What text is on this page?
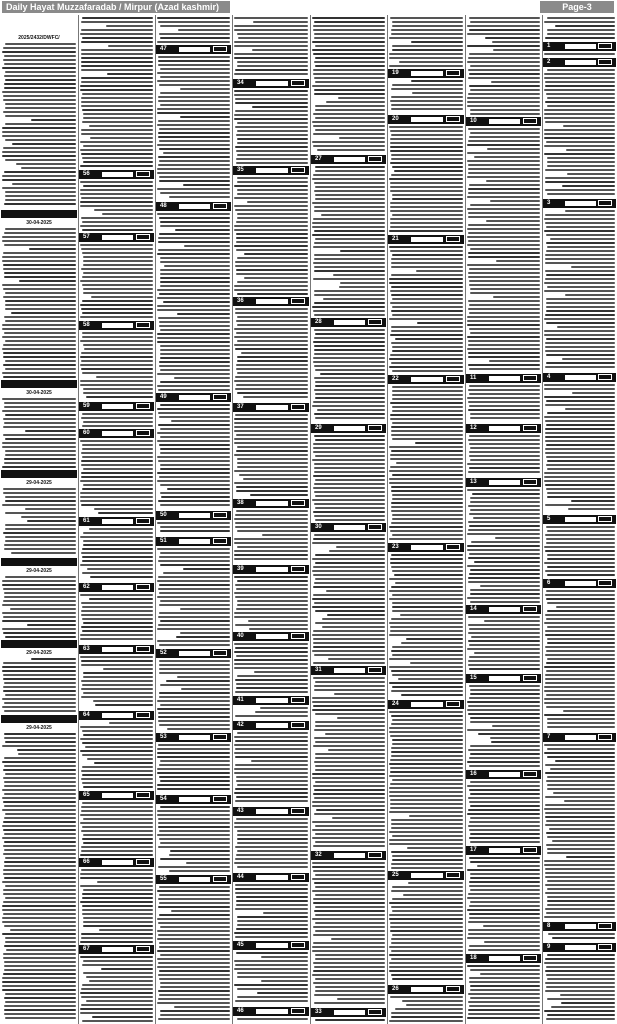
Daily Hayat Muzzafaradab / Mirpur (Azad kashmir)	Page-3
2025/2432/DWFC/
30-04-2025
30-04-2025
29-04-2025
29-04-2025
29-04-2025
29-04-2025
56
57
58
59
60
61
62
63
64
65
66
67
47
48
49
50
51
52
53
54
55
34
35
36
37
38
39
40
41
42
43
44
45
46
27
28
29
30
31
32
33
19
20
21
22
23
24
25
26
10
11
12
13
14
15
16
17
18
1
2
3
4
5
6
7
8
9
